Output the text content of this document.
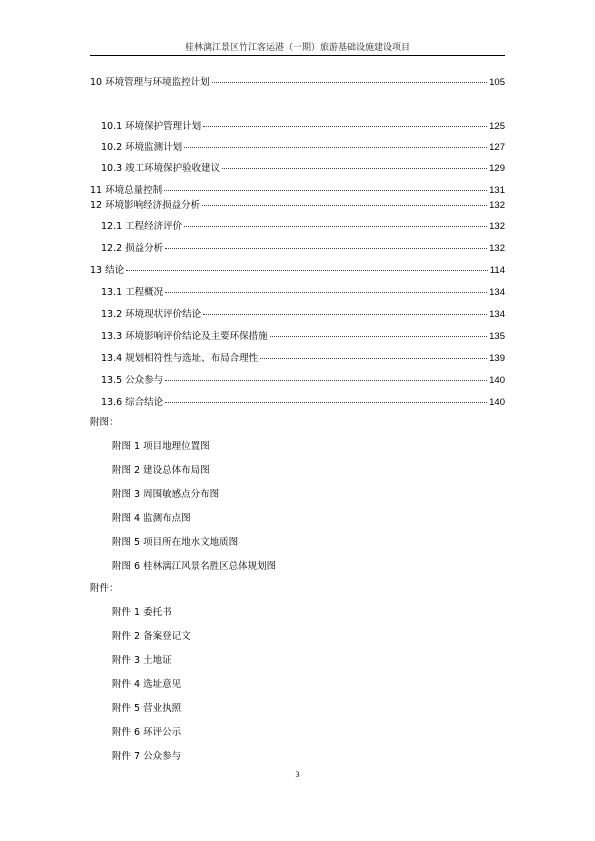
桂林漓江景区竹江客运港（一期）旅游基础设施建设项目
10 环境管理与环境监控计划	105
10.1 环境保护管理计划	125
10.2 环境监测计划	127
10.3 竣工环境保护验收建议	129
11 环境总量控制	131
12 环境影响经济损益分析	132
12.1 工程经济评价	132
12.2 损益分析	132
13 结论	114
13.1 工程概况	134
13.2 环境现状评价结论	134
13.3 环境影响评价结论及主要环保措施	135
13.4 规划相符性与选址、布局合理性	139
13.5 公众参与	140
13.6 综合结论	140
附图：
附图 1 项目地理位置图
附图 2 建设总体布局图
附图 3 周围敏感点分布图
附图 4 监测布点图
附图 5 项目所在地水文地质图
附图 6 桂林漓江风景名胜区总体规划图
附件：
附件 1 委托书
附件 2 备案登记文
附件 3 土地证
附件 4 选址意见
附件 5 营业执照
附件 6 环评公示
附件 7 公众参与
3
